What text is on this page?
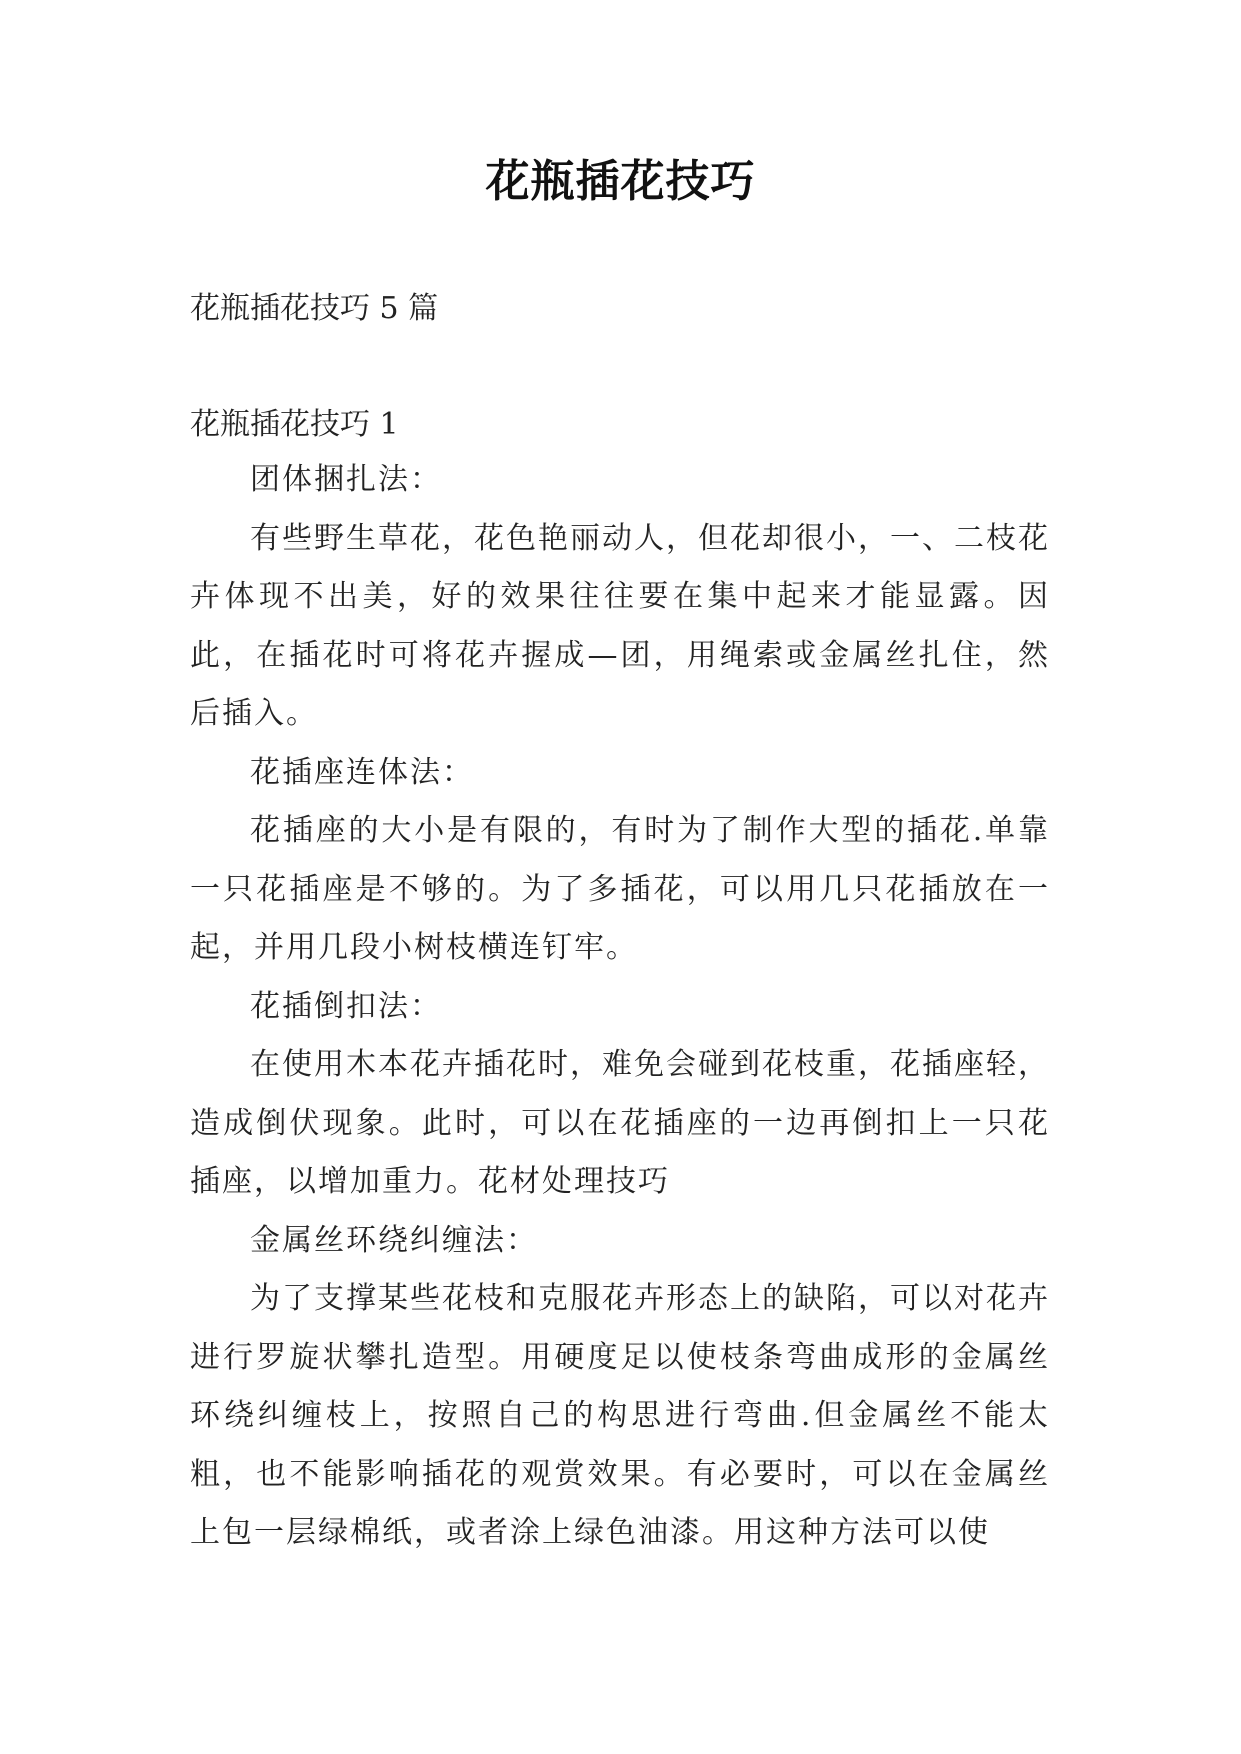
花瓶插花技巧
花瓶插花技巧 5 篇
花瓶插花技巧 1

团体捆扎法：

有些野生草花，花色艳丽动人，但花却很小，一、二枝花卉体现不出美，好的效果往往要在集中起来才能显露。因此，在插花时可将花卉握成—团，用绳索或金属丝扎住，然后插入。

花插座连体法：

花插座的大小是有限的，有时为了制作大型的插花.单靠一只花插座是不够的。为了多插花，可以用几只花插放在一起，并用几段小树枝横连钉牢。

花插倒扣法：

在使用木本花卉插花时，难免会碰到花枝重，花插座轻，造成倒伏现象。此时，可以在花插座的一边再倒扣上一只花插座，以增加重力。花材处理技巧

金属丝环绕纠缠法：

为了支撑某些花枝和克服花卉形态上的缺陷，可以对花卉进行罗旋状攀扎造型。用硬度足以使枝条弯曲成形的金属丝环绕纠缠枝上，按照自己的构思进行弯曲.但金属丝不能太粗，也不能影响插花的观赏效果。有必要时，可以在金属丝上包一层绿棉纸，或者涂上绿色油漆。用这种方法可以使
